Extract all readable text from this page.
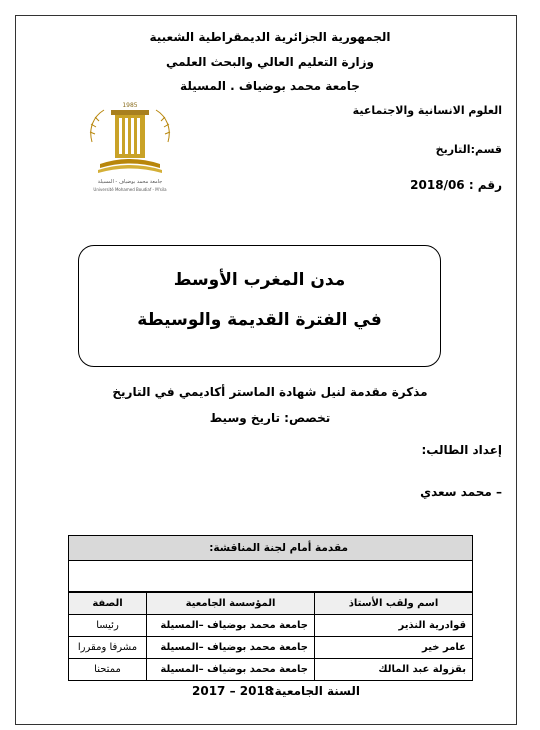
الجمهورية الجزائرية الديمقراطية الشعبية
وزارة التعليم العالي والبحث العلمي
جامعة محمد بوضياف . المسيلة
العلوم الانسانية والاجتماعية
قسم:التاريخ
رقم : 2018/06
1985
جامعة محمد بوضياف - المسيلة
Université Mohamed Boudiaf - M'sila
مدن المغرب الأوسط
في الفترة القديمة والوسيطة
مذكرة مقدمة لنيل شهادة الماستر أكاديمي في التاريخ
تخصص: تاريخ وسيط
إعداد الطالب:
– محمد سعدي
مقدمة أمام لجنة المناقشة:
اسم ولقب الأستاذ	المؤسسة الجامعية	الصفة
قوادرية النذير	جامعة محمد بوضياف –المسيلة	رئيسا
عامر خير	جامعة محمد بوضياف –المسيلة	مشرفا ومقررا
بقزولة عبد المالك	جامعة محمد بوضياف –المسيلة	ممتحنا
السنة الجامعية:
2017 – 2018
